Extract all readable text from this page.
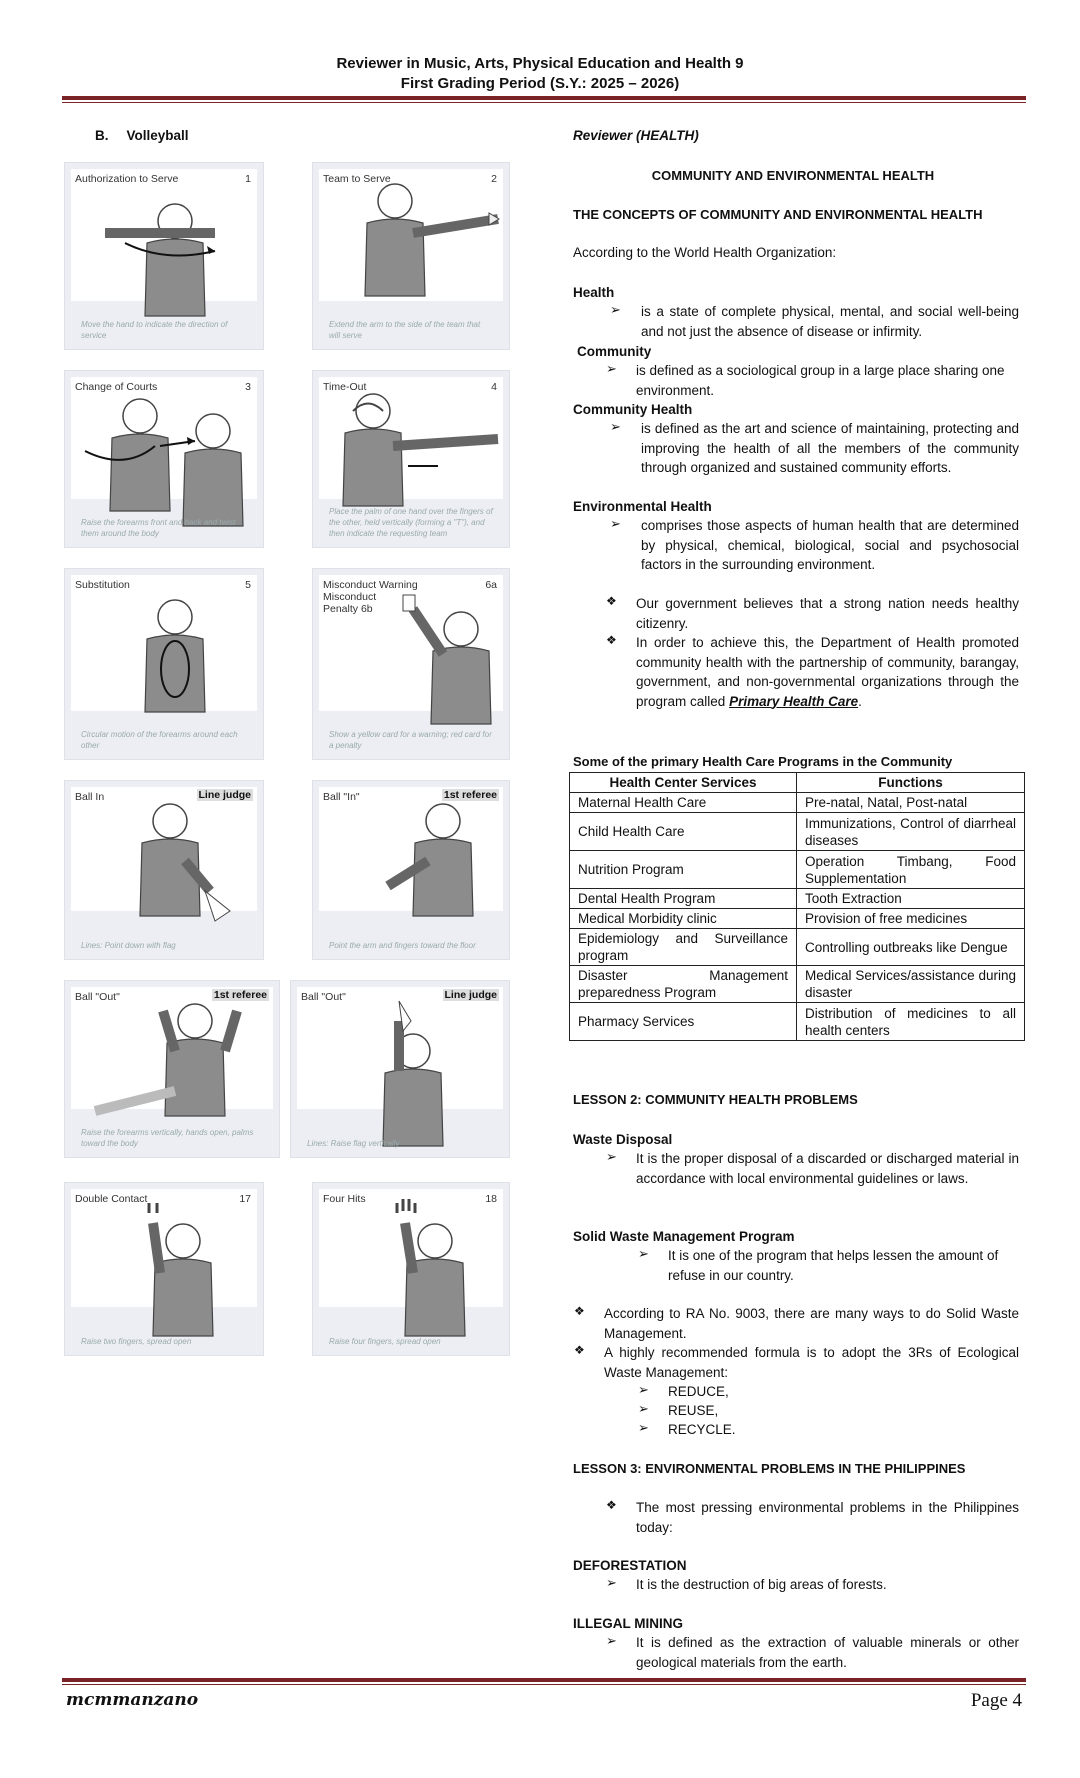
Reviewer in Music, Arts, Physical Education and Health 9
First Grading Period (S.Y.: 2025 – 2026)
B. Volleyball
Authorization to Serve	1
Move the hand to indicate the direction of service
Team to Serve	2
Extend the arm to the side of the team that will serve
Change of Courts	3
Raise the forearms front and back and twist them around the body
Time-Out	4
Place the palm of one hand over the fingers of the other, held vertically (forming a "T"), and then indicate the requesting team
Substitution	5
Circular motion of the forearms around each other
Misconduct Warning
Misconduct
Penalty 6b
6a
Show a yellow card for a warning; red card for a penalty
Ball In	Line judge
Lines: Point down with flag
Ball "In"	1st referee
Point the arm and fingers toward the floor
Ball "Out"	1st referee
Raise the forearms vertically, hands open, palms toward the body
Ball "Out"	Line judge
Lines: Raise flag vertically
Double Contact	17
Raise two fingers, spread open
Four Hits	18
Raise four fingers, spread open
Reviewer (HEALTH)
COMMUNITY AND ENVIRONMENTAL HEALTH
THE CONCEPTS OF COMMUNITY AND ENVIRONMENTAL HEALTH
According to the World Health Organization:
Health
➢	is a state of complete physical, mental, and social well-being and not just the absence of disease or infirmity.
Community
➢	is defined as a sociological group in a large place sharing one environment.
Community Health
➢	is defined as the art and science of maintaining, protecting and improving the health of all the members of the community through organized and sustained community efforts.
Environmental Health
➢	comprises those aspects of human health that are determined by physical, chemical, biological, social and psychosocial factors in the surrounding environment.
❖	Our government believes that a strong nation needs healthy citizenry.
❖	In order to achieve this, the Department of Health promoted community health with the partnership of community, barangay, government, and non-governmental organizations through the program called Primary Health Care.
Some of the primary Health Care Programs in the Community
Health Center Services	Functions
Maternal Health Care	Pre-natal, Natal, Post-natal
Child Health Care	Immunizations, Control of diarrheal diseases
Nutrition Program	Operation Timbang, Food Supplementation
Dental Health Program	Tooth Extraction
Medical Morbidity clinic	Provision of free medicines
Epidemiology and Surveillance program	Controlling outbreaks like Dengue
Disaster Management preparedness Program	Medical Services/assistance during disaster
Pharmacy Services	Distribution of medicines to all health centers
LESSON 2: COMMUNITY HEALTH PROBLEMS
Waste Disposal
➢	It is the proper disposal of a discarded or discharged material in accordance with local environmental guidelines or laws.
Solid Waste Management Program
➢	It is one of the program that helps lessen the amount of refuse in our country.
❖	According to RA No. 9003, there are many ways to do Solid Waste Management.
❖	A highly recommended formula is to adopt the 3Rs of Ecological Waste Management:
➢	REDUCE,
➢	REUSE,
➢	RECYCLE.
LESSON 3: ENVIRONMENTAL PROBLEMS IN THE PHILIPPINES
❖	The most pressing environmental problems in the Philippines today:
DEFORESTATION
➢	It is the destruction of big areas of forests.
ILLEGAL MINING
➢	It is defined as the extraction of valuable minerals or other geological materials from the earth.
mcmmanzano	Page 4
